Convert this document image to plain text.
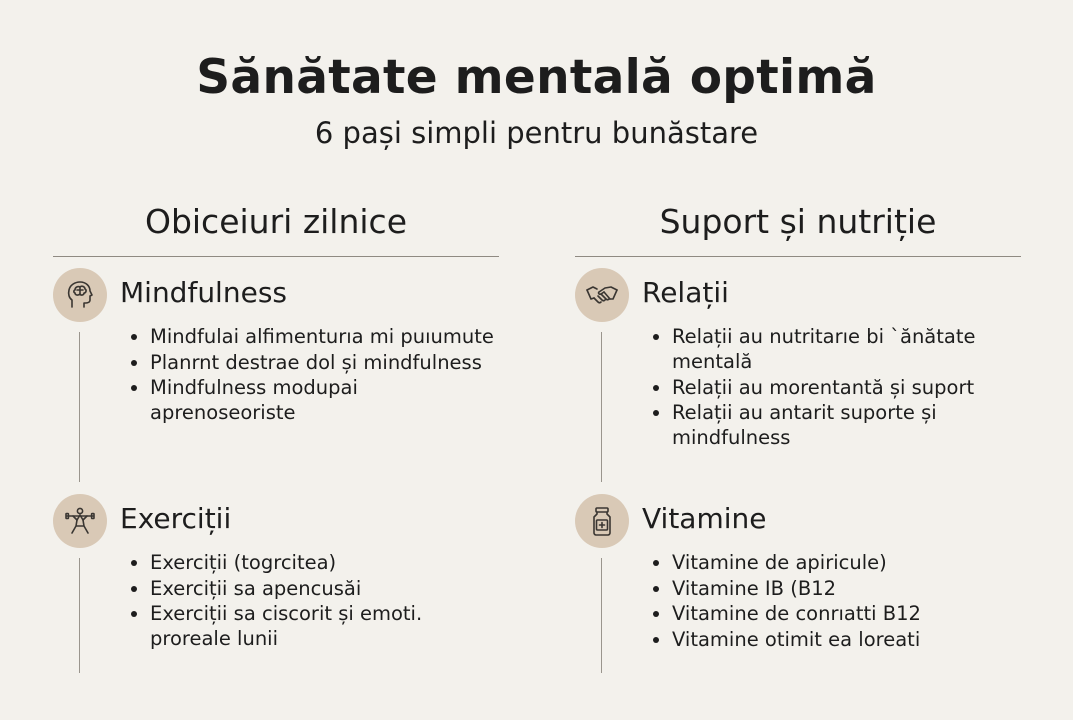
Sănătate mentală optimă
6 pași simpli pentru bunăstare
Obiceiuri zilnice
Mindfulness
Mindfulai alfimenturıa mi puıumute
Planrnt destrae dol și mindfulness
Mindfulness modupai aprenoseoriste
Exerciții
Exerciții (togrcitea)
Exerciții sa apencusăi
Exerciții sa ciscorit și emoti. proreale lunii
Suport și nutriție
Relații
Relații au nutritarıe bi `ănătate mentală
Relații au morentantă și suport
Relații au antarit suporte și mindfulness
Vitamine
Vitamine de apiricule)
Vitamine IB (B12
Vitamine de conrıatti B12
Vitamine otimit ea loreati
